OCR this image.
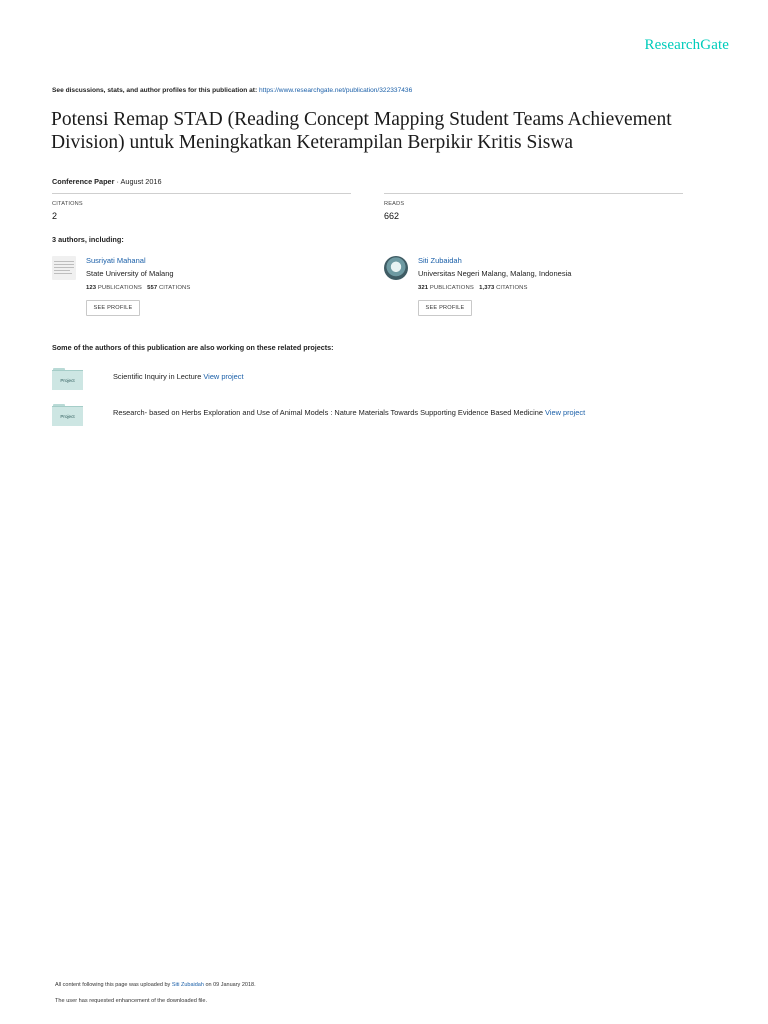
ResearchGate
See discussions, stats, and author profiles for this publication at: https://www.researchgate.net/publication/322337436
Potensi Remap STAD (Reading Concept Mapping Student Teams Achievement Division) untuk Meningkatkan Keterampilan Berpikir Kritis Siswa
Conference Paper · August 2016
CITATIONS
2
READS
662
3 authors, including:
Susriyati Mahanal
State University of Malang
123 PUBLICATIONS 557 CITATIONS
SEE PROFILE
Siti Zubaidah
Universitas Negeri Malang, Malang, Indonesia
321 PUBLICATIONS 1,373 CITATIONS
SEE PROFILE
Some of the authors of this publication are also working on these related projects:
Project	Scientific Inquiry in Lecture View project
Project	Research- based on Herbs Exploration and Use of Animal Models : Nature Materials Towards Supporting Evidence Based Medicine View project
All content following this page was uploaded by Siti Zubaidah on 09 January 2018.
The user has requested enhancement of the downloaded file.
